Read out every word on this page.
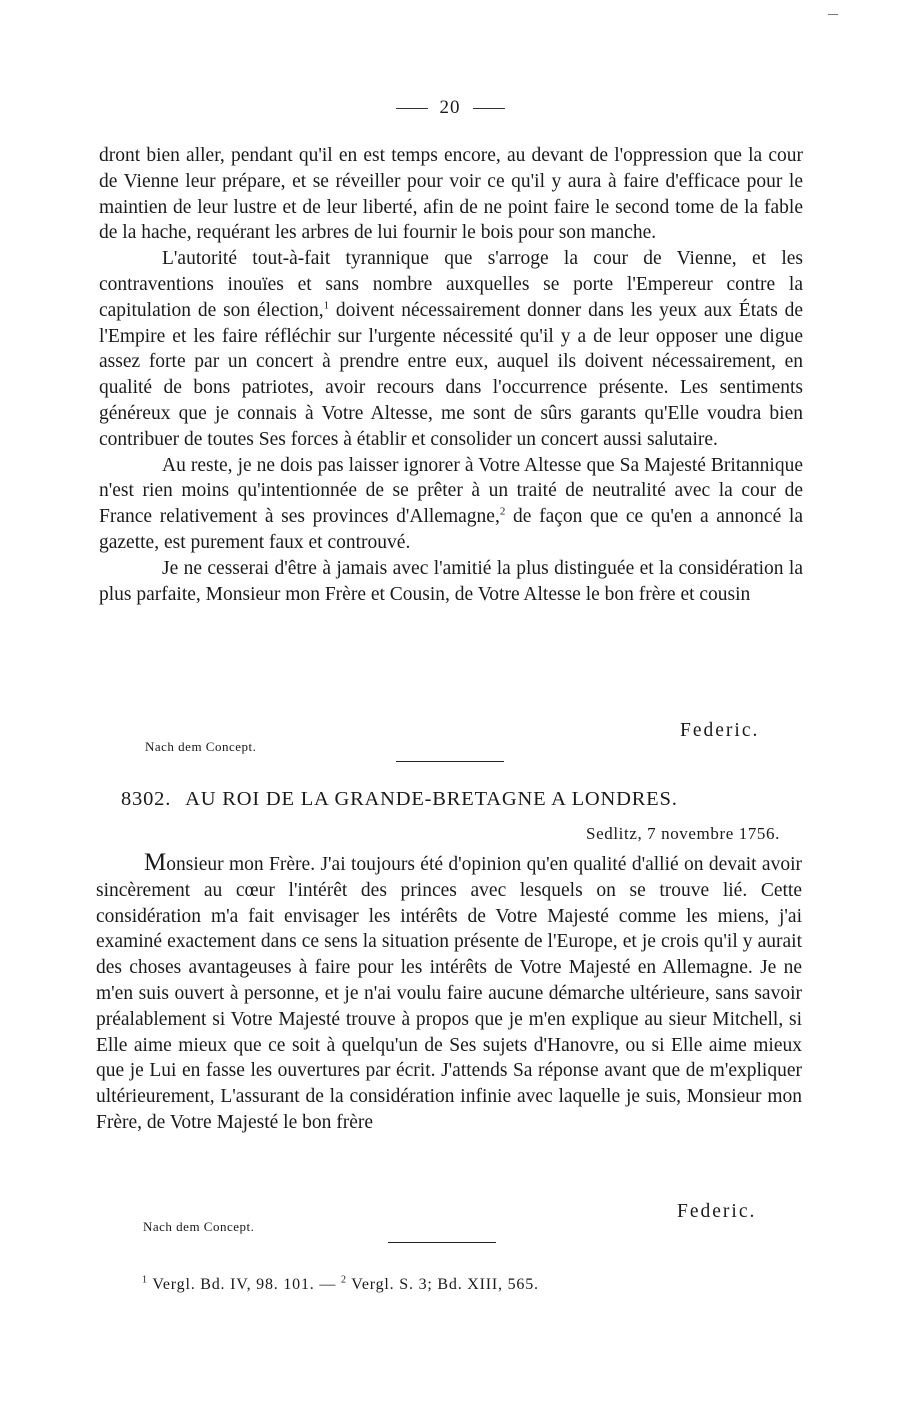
20

dront bien aller, pendant qu'il en est temps encore, au devant de l'oppression que la cour de Vienne leur prépare, et se réveiller pour voir ce qu'il y aura à faire d'efficace pour le maintien de leur lustre et de leur liberté, afin de ne point faire le second tome de la fable de la hache, requérant les arbres de lui fournir le bois pour son manche.

L'autorité tout-à-fait tyrannique que s'arroge la cour de Vienne, et les contraventions inouïes et sans nombre auxquelles se porte l'Empereur contre la capitulation de son élection,$^1$ doivent nécessairement donner dans les yeux aux États de l'Empire et les faire réfléchir sur l'urgente nécessité qu'il y a de leur opposer une digue assez forte par un concert à prendre entre eux, auquel ils doivent nécessairement, en qualité de bons patriotes, avoir recours dans l'occurrence présente. Les sentiments généreux que je connais à Votre Altesse, me sont de sûrs garants qu'Elle voudra bien contribuer de toutes Ses forces à établir et consolider un concert aussi salutaire.

Au reste, je ne dois pas laisser ignorer à Votre Altesse que Sa Majesté Britannique n'est rien moins qu'intentionnée de se prêter à un traité de neutralité avec la cour de France relativement à ses provinces d'Allemagne,$^2$ de façon que ce qu'en a annoncé la gazette, est purement faux et controuvé.

Je ne cesserai d'être à jamais avec l'amitié la plus distinguée et la considération la plus parfaite, Monsieur mon Frère et Cousin, de Votre Altesse le bon frère et cousin

Federic.
Nach dem Concept.
8302. AU ROI DE LA GRANDE-BRETAGNE A LONDRES.
Sedlitz, 7 novembre 1756.

Monsieur mon Frère. J'ai toujours été d'opinion qu'en qualité d'allié on devait avoir sincèrement au cœur l'intérêt des princes avec lesquels on se trouve lié. Cette considération m'a fait envisager les intérêts de Votre Majesté comme les miens, j'ai examiné exactement dans ce sens la situation présente de l'Europe, et je crois qu'il y aurait des choses avantageuses à faire pour les intérêts de Votre Majesté en Allemagne. Je ne m'en suis ouvert à personne, et je n'ai voulu faire aucune démarche ultérieure, sans savoir préalablement si Votre Majesté trouve à propos que je m'en explique au sieur Mitchell, si Elle aime mieux que ce soit à quelqu'un de Ses sujets d'Hanovre, ou si Elle aime mieux que je Lui en fasse les ouvertures par écrit. J'attends Sa réponse avant que de m'expliquer ultérieurement, L'assurant de la considération infinie avec laquelle je suis, Monsieur mon Frère, de Votre Majesté le bon frère

Federic.
Nach dem Concept.
$^1$ Vergl. Bd. IV, 98. 101. — $^2$ Vergl. S. 3; Bd. XIII, 565.
